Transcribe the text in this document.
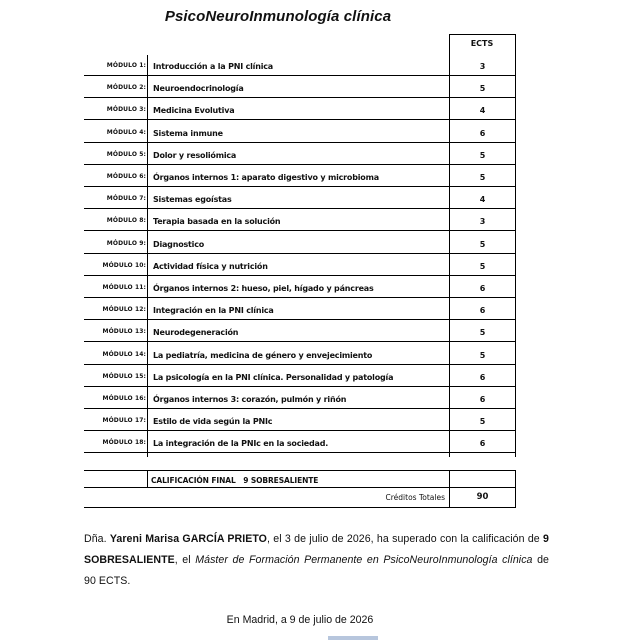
PsicoNeuroInmunología clínica
ECTS
MÓDULO 1: Introducción a la PNI clínica	3
MÓDULO 2: Neuroendocrinología	5
MÓDULO 3: Medicina Evolutiva	4
MÓDULO 4: Sistema inmune	6
MÓDULO 5: Dolor y resoliómica	5
MÓDULO 6: Órganos internos 1: aparato digestivo y microbioma	5
MÓDULO 7: Sistemas egoístas	4
MÓDULO 8: Terapia basada en la solución	3
MÓDULO 9: Diagnostico	5
MÓDULO 10: Actividad física y nutrición	5
MÓDULO 11: Órganos internos 2: hueso, piel, hígado y páncreas	6
MÓDULO 12: Integración en la PNI clínica	6
MÓDULO 13: Neurodegeneración	5
MÓDULO 14: La pediatría, medicina de género y envejecimiento	5
MÓDULO 15: La psicología en la PNI clínica. Personalidad y patología	6
MÓDULO 16: Órganos internos 3: corazón, pulmón y riñón	6
MÓDULO 17: Estilo de vida según la PNIc	5
MÓDULO 18: La integración de la PNIc en la sociedad.	6
CALIFICACIÓN FINAL 9 SOBRESALIENTE
Créditos Totales	90
Dña. Yareni Marisa GARCÍA PRIETO, el 3 de julio de 2026, ha superado con la calificación de 9 SOBRESALIENTE, el Máster de Formación Permanente en PsicoNeuroInmunología clínica de 90 ECTS.
En Madrid, a 9 de julio de 2026
